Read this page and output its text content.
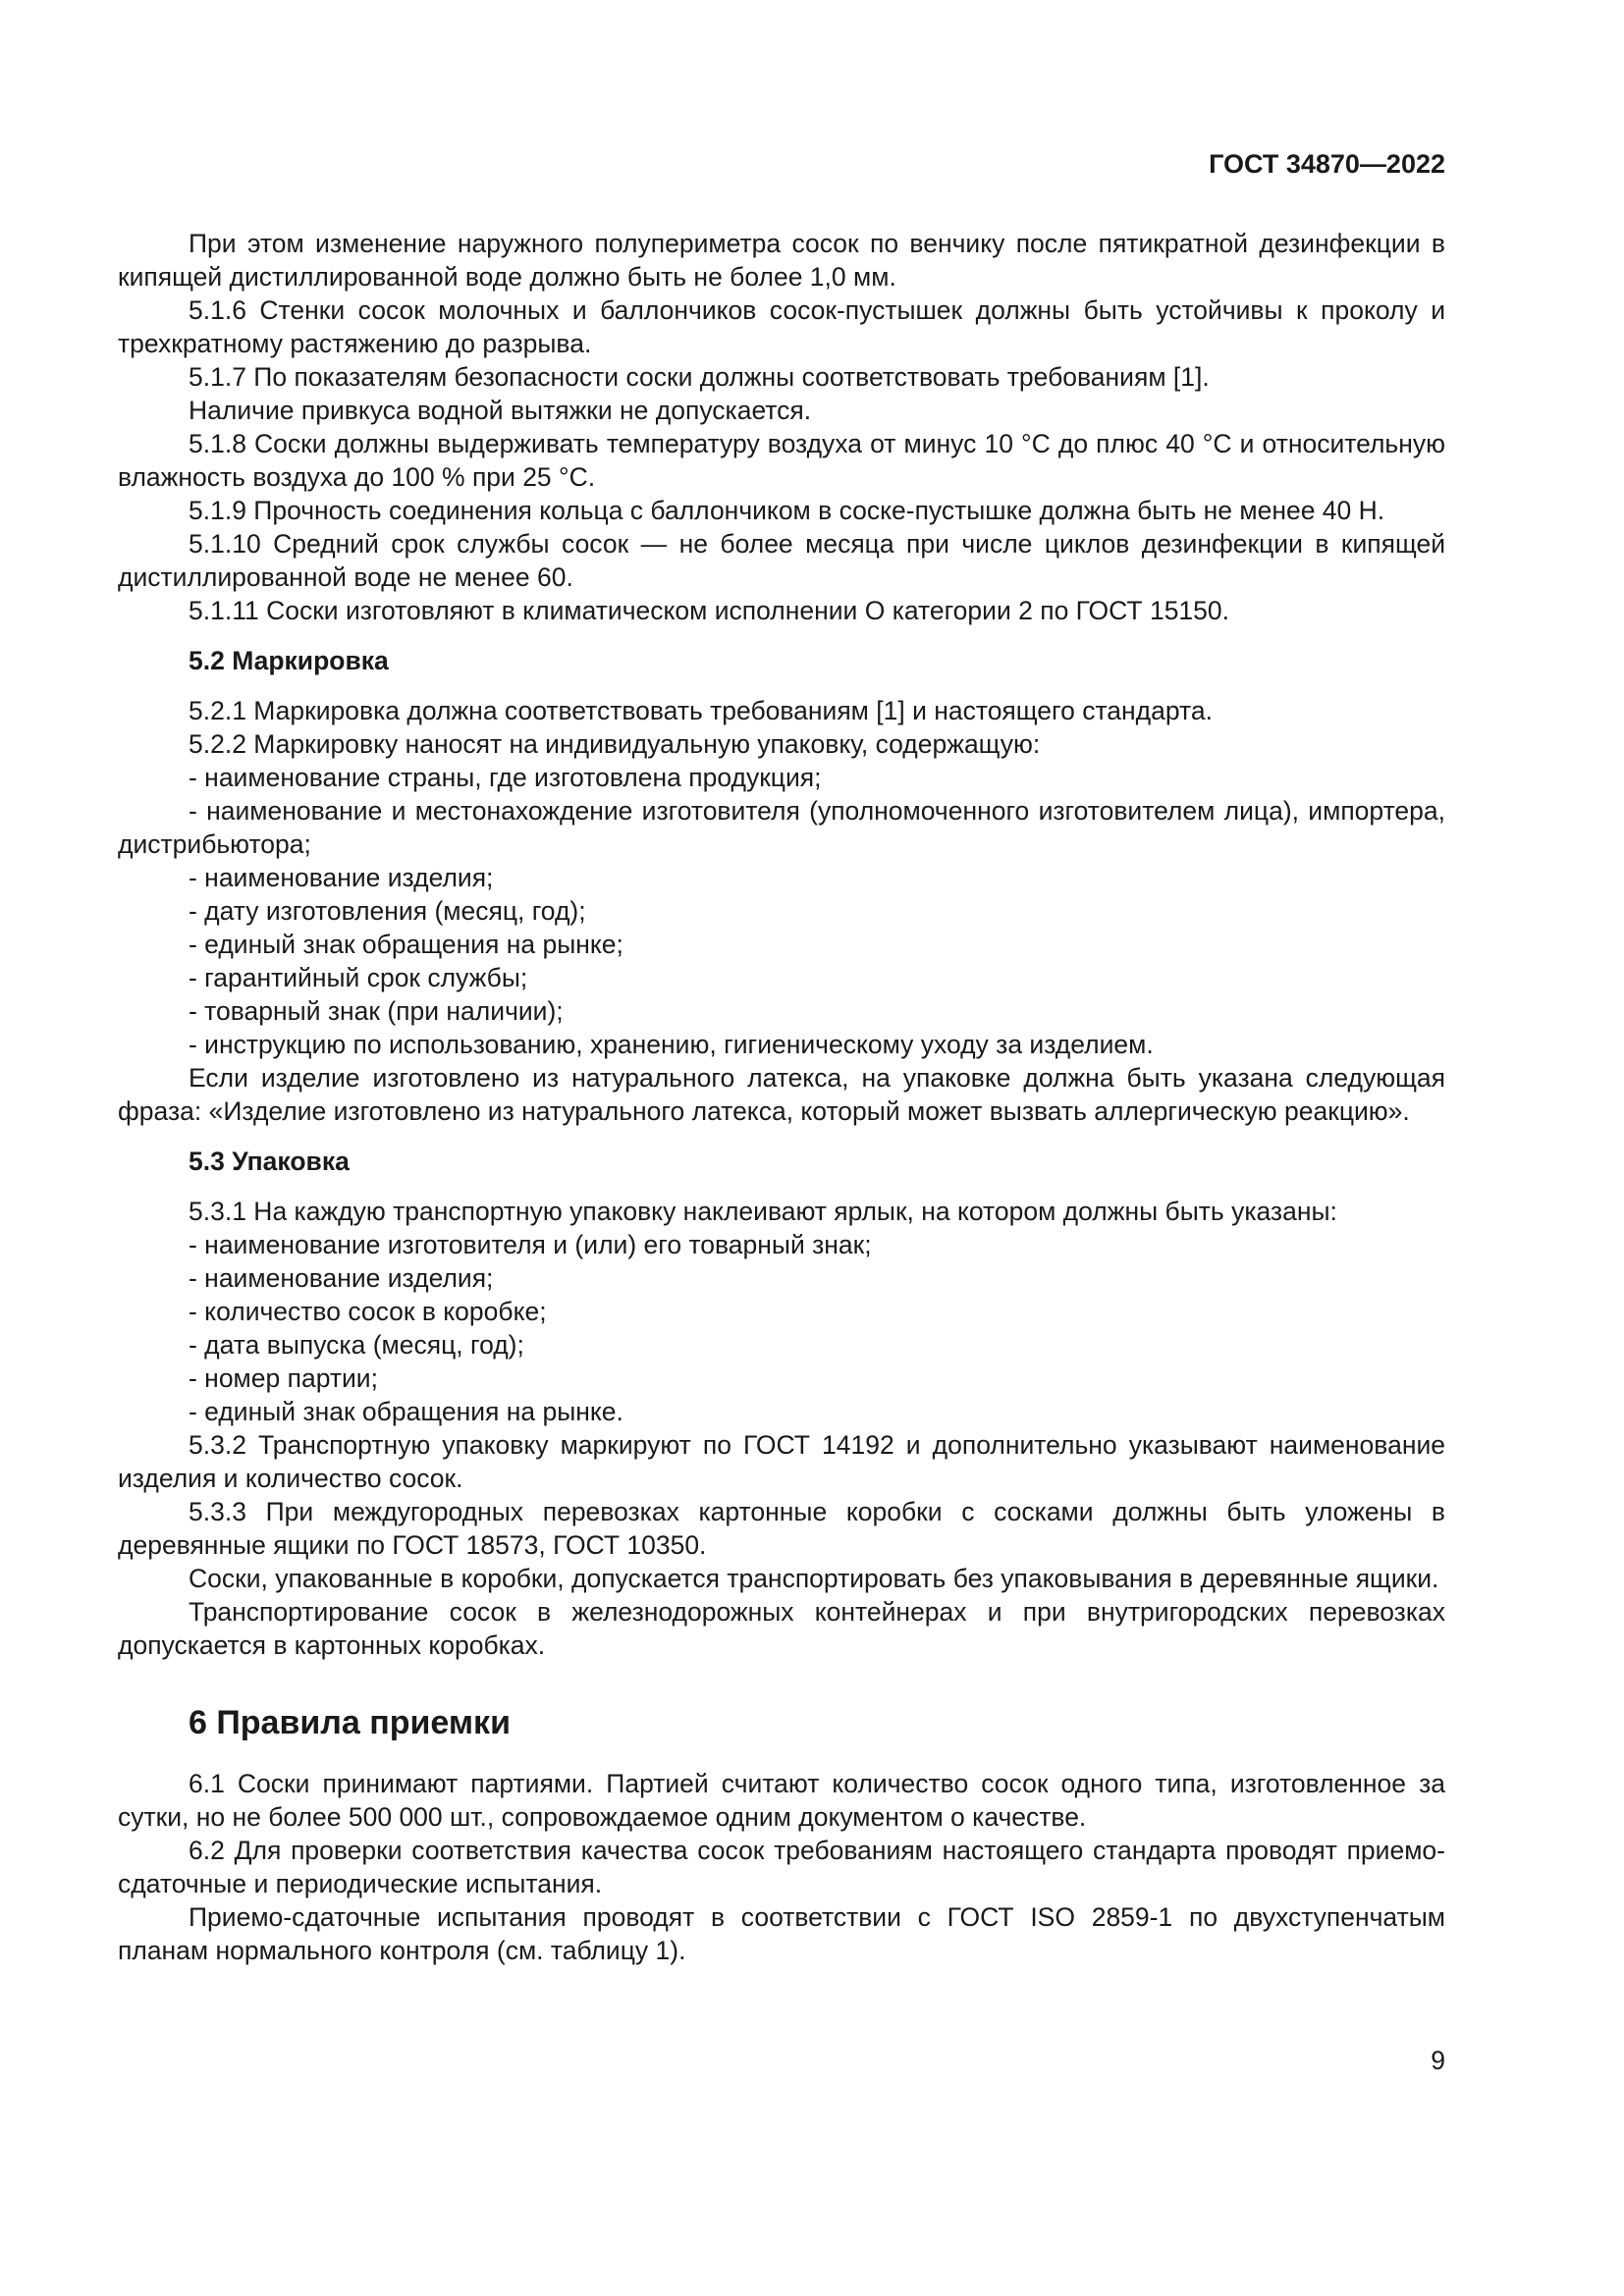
ГОСТ 34870—2022
При этом изменение наружного полупериметра сосок по венчику после пятикратной дезинфекции в кипящей дистиллированной воде должно быть не более 1,0 мм.
5.1.6 Стенки сосок молочных и баллончиков сосок-пустышек должны быть устойчивы к проколу и трехкратному растяжению до разрыва.
5.1.7 По показателям безопасности соски должны соответствовать требованиям [1].
Наличие привкуса водной вытяжки не допускается.
5.1.8 Соски должны выдерживать температуру воздуха от минус 10 °С до плюс 40 °С и относительную влажность воздуха до 100 % при 25 °С.
5.1.9 Прочность соединения кольца с баллончиком в соске-пустышке должна быть не менее 40 Н.
5.1.10 Средний срок службы сосок — не более месяца при числе циклов дезинфекции в кипящей дистиллированной воде не менее 60.
5.1.11 Соски изготовляют в климатическом исполнении О категории 2 по ГОСТ 15150.
5.2 Маркировка
5.2.1 Маркировка должна соответствовать требованиям [1] и настоящего стандарта.
5.2.2 Маркировку наносят на индивидуальную упаковку, содержащую:
- наименование страны, где изготовлена продукция;
- наименование и местонахождение изготовителя (уполномоченного изготовителем лица), импортера, дистрибьютора;
- наименование изделия;
- дату изготовления (месяц, год);
- единый знак обращения на рынке;
- гарантийный срок службы;
- товарный знак (при наличии);
- инструкцию по использованию, хранению, гигиеническому уходу за изделием.
Если изделие изготовлено из натурального латекса, на упаковке должна быть указана следующая фраза: «Изделие изготовлено из натурального латекса, который может вызвать аллергическую реакцию».
5.3 Упаковка
5.3.1 На каждую транспортную упаковку наклеивают ярлык, на котором должны быть указаны:
- наименование изготовителя и (или) его товарный знак;
- наименование изделия;
- количество сосок в коробке;
- дата выпуска (месяц, год);
- номер партии;
- единый знак обращения на рынке.
5.3.2 Транспортную упаковку маркируют по ГОСТ 14192 и дополнительно указывают наименование изделия и количество сосок.
5.3.3 При междугородных перевозках картонные коробки с сосками должны быть уложены в деревянные ящики по ГОСТ 18573, ГОСТ 10350.
Соски, упакованные в коробки, допускается транспортировать без упаковывания в деревянные ящики.
Транспортирование сосок в железнодорожных контейнерах и при внутригородских перевозках допускается в картонных коробках.
6 Правила приемки
6.1 Соски принимают партиями. Партией считают количество сосок одного типа, изготовленное за сутки, но не более 500 000 шт., сопровождаемое одним документом о качестве.
6.2 Для проверки соответствия качества сосок требованиям настоящего стандарта проводят приемо-сдаточные и периодические испытания.
Приемо-сдаточные испытания проводят в соответствии с ГОСТ ISO 2859-1 по двухступенчатым планам нормального контроля (см. таблицу 1).
9
